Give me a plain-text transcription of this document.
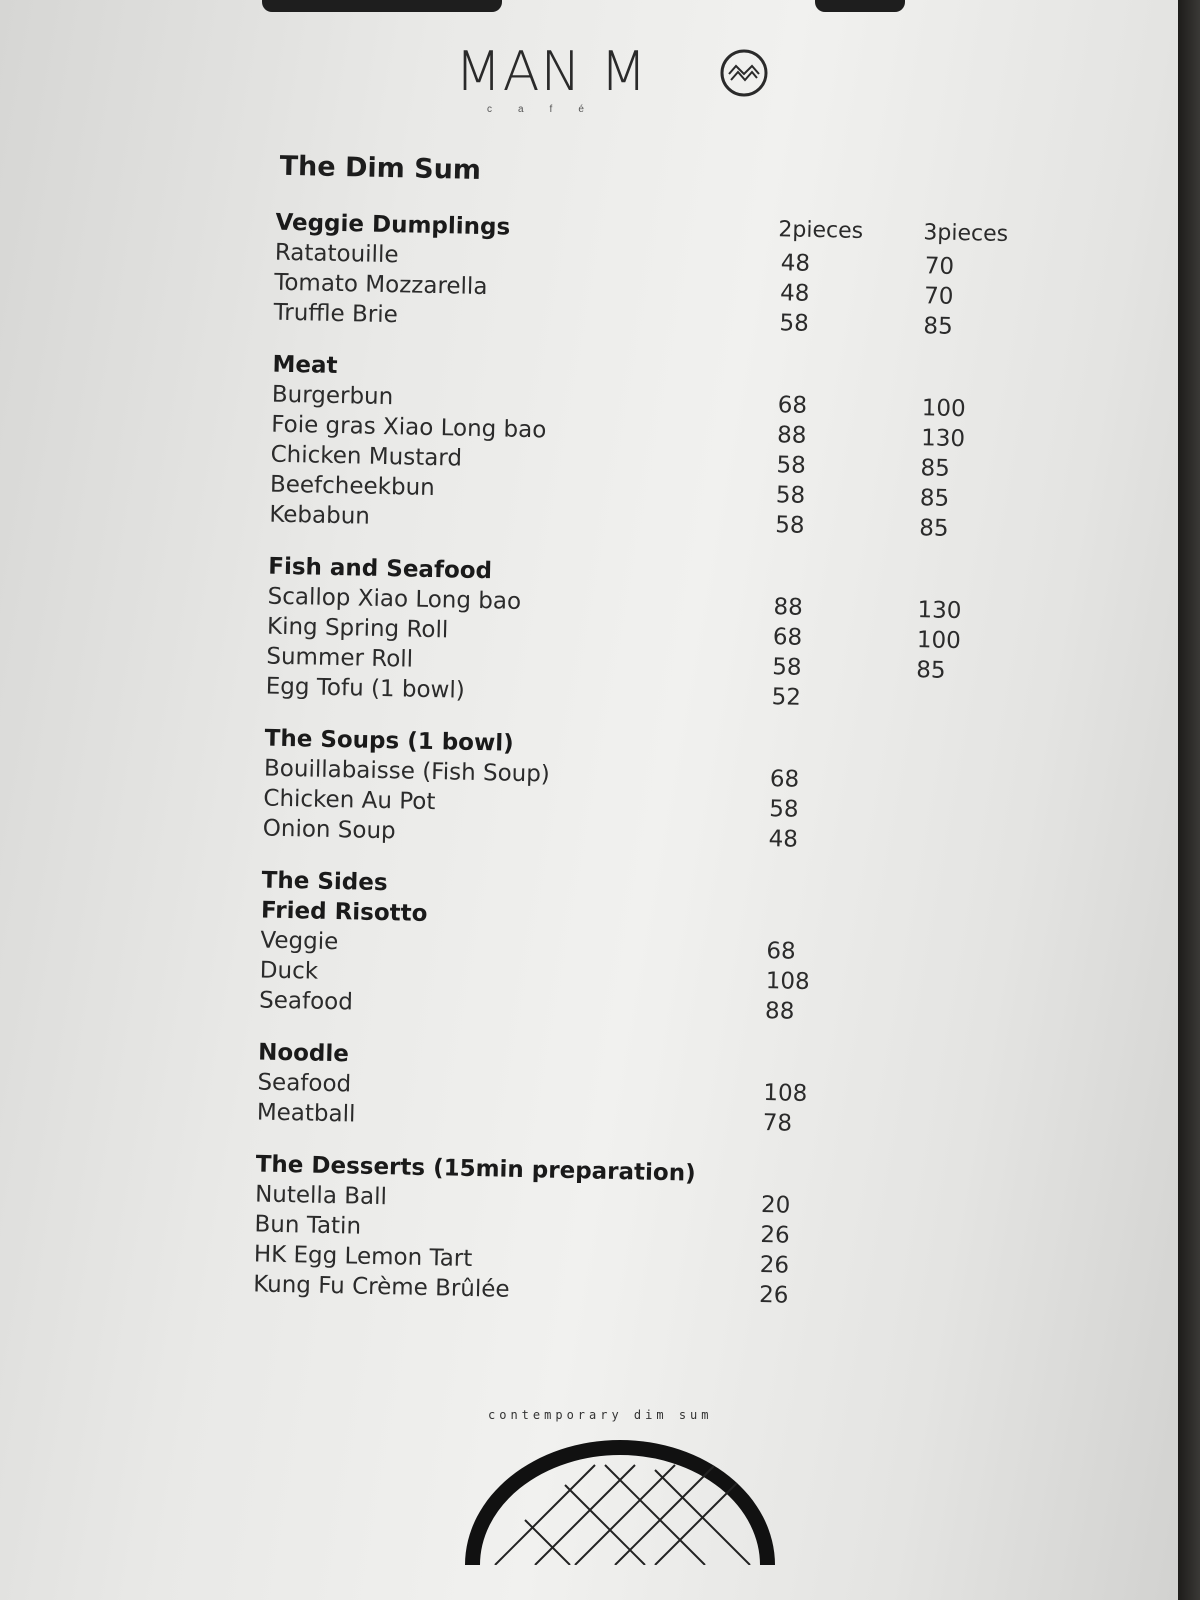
MAN M
café
The Dim Sum
2pieces	3pieces
Veggie Dumplings
Ratatouille	48	70
Tomato Mozzarella	48	70
Truffle Brie	58	85
Meat
Burgerbun	68	100
Foie gras Xiao Long bao	88	130
Chicken Mustard	58	85
Beefcheekbun	58	85
Kebabun	58	85
Fish and Seafood
Scallop Xiao Long bao	88	130
King Spring Roll	68	100
Summer Roll	58	85
Egg Tofu (1 bowl)	52
The Soups (1 bowl)
Bouillabaisse (Fish Soup)	68
Chicken Au Pot	58
Onion Soup	48
The Sides
Fried Risotto
Veggie	68
Duck	108
Seafood	88
Noodle
Seafood	108
Meatball	78
The Desserts (15min preparation)
Nutella Ball	20
Bun Tatin	26
HK Egg Lemon Tart	26
Kung Fu Crème Brûlée	26
contemporary dim sum
